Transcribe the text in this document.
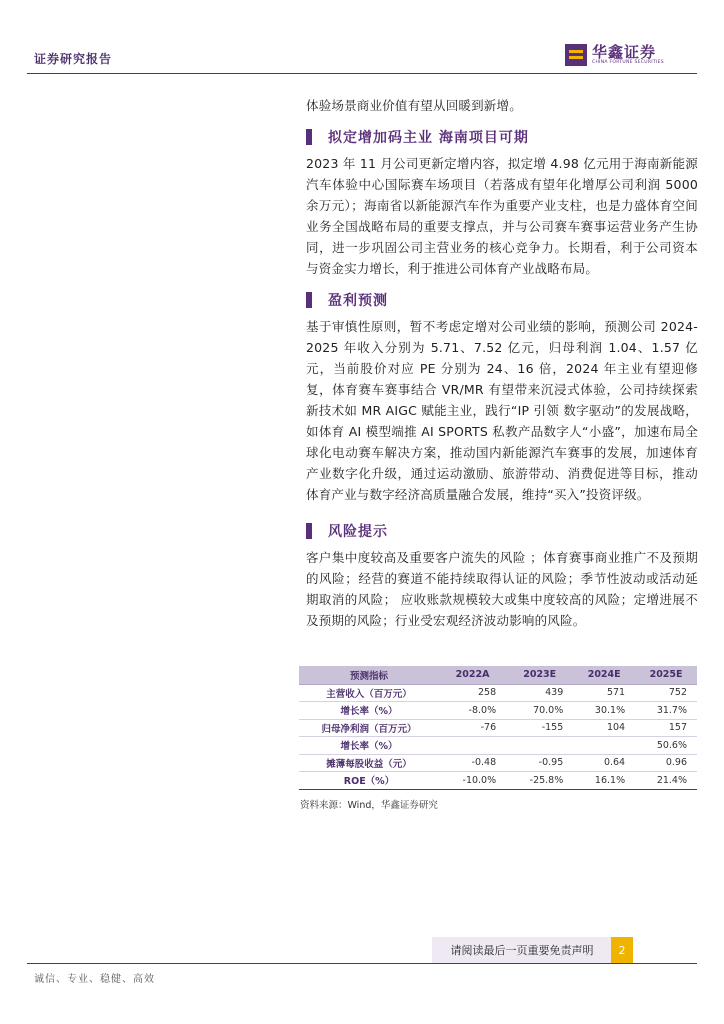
证券研究报告	华鑫证券
CHINA FORTUNE SECURITIES

体验场景商业价值有望从回暖到新增。

拟定增加码主业 海南项目可期

2023 年 11 月公司更新定增内容，拟定增 4.98 亿元用于海南新能源汽车体验中心国际赛车场项目（若落成有望年化增厚公司利润 5000 余万元）；海南省以新能源汽车作为重要产业支柱，也是力盛体育空间业务全国战略布局的重要支撑点，并与公司赛车赛事运营业务产生协同，进一步巩固公司主营业务的核心竞争力。长期看，利于公司资本与资金实力增长，利于推进公司体育产业战略布局。

盈利预测

基于审慎性原则，暂不考虑定增对公司业绩的影响，预测公司 2024-2025 年收入分别为 5.71、7.52 亿元，归母利润 1.04、1.57 亿元，当前股价对应 PE 分别为 24、16 倍，2024 年主业有望迎修复，体育赛车赛事结合 VR/MR 有望带来沉浸式体验，公司持续探索新技术如 MR AIGC 赋能主业，践行“IP 引领 数字驱动”的发展战略，如体育 AI 模型端推 AI SPORTS 私教产品数字人“小盛”，加速布局全球化电动赛车解决方案，推动国内新能源汽车赛事的发展，加速体育产业数字化升级，通过运动激励、旅游带动、消费促进等目标，推动体育产业与数字经济高质量融合发展，维持“买入”投资评级。

风险提示

客户集中度较高及重要客户流失的风险 ；体育赛事商业推广不及预期的风险；经营的赛道不能持续取得认证的风险；季节性波动或活动延期取消的风险； 应收账款规模较大或集中度较高的风险；定增进展不及预期的风险；行业受宏观经济波动影响的风险。

预测指标	2022A	2023E	2024E	2025E
主营收入（百万元）	258	439	571	752
增长率（%）	-8.0%	70.0%	30.1%	31.7%
归母净利润（百万元）	-76	-155	104	157
增长率（%）				50.6%
摊薄每股收益（元）	-0.48	-0.95	0.64	0.96
ROE（%）	-10.0%	-25.8%	16.1%	21.4%
资料来源：Wind，华鑫证券研究
请阅读最后一页重要免责声明	2
诚信、专业、稳健、高效
